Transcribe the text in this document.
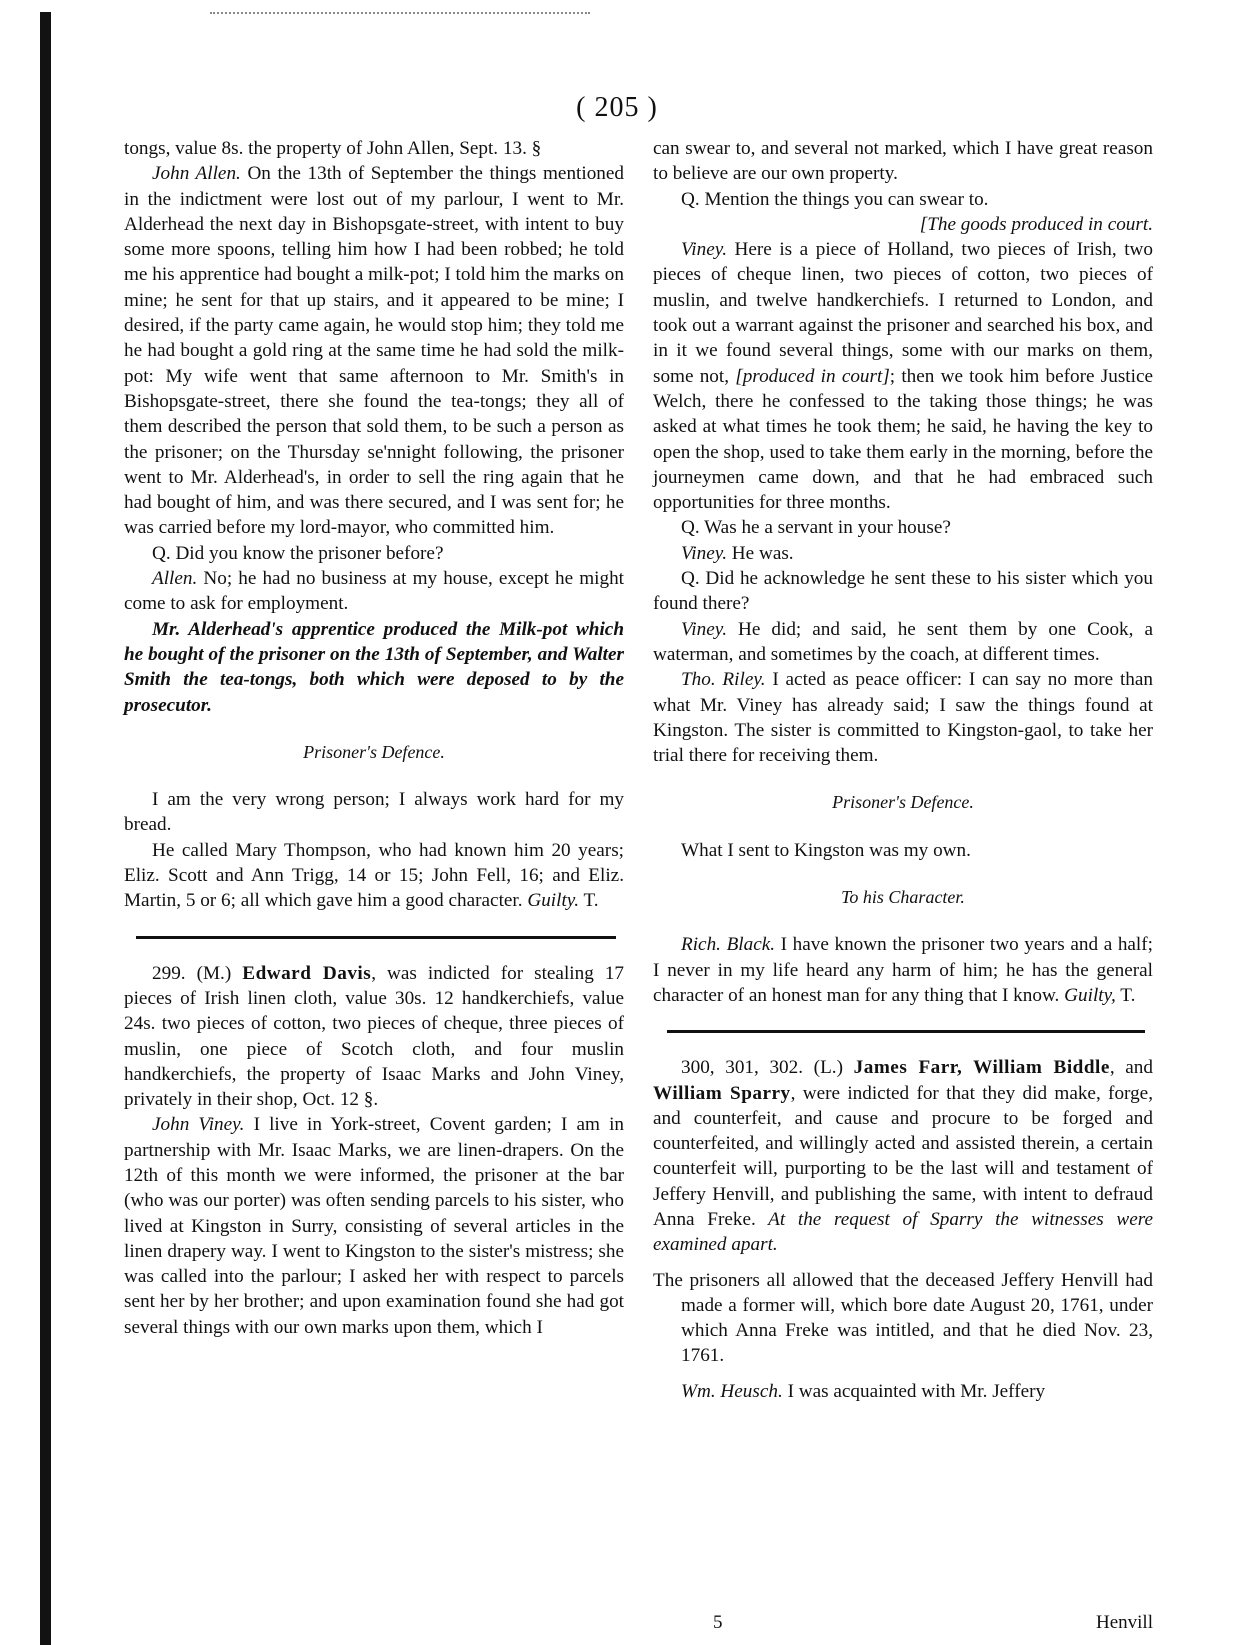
( 205 )

tongs, value 8s. the property of John Allen, Sept. 13. §

John Allen. On the 13th of September the things mentioned in the indictment were lost out of my parlour, I went to Mr. Alderhead the next day in Bishopsgate-street, with intent to buy some more spoons, telling him how I had been robbed; he told me his apprentice had bought a milk-pot; I told him the marks on mine; he sent for that up stairs, and it appeared to be mine; I desired, if the party came again, he would stop him; they told me he had bought a gold ring at the same time he had sold the milk-pot: My wife went that same afternoon to Mr. Smith's in Bishopsgate-street, there she found the tea-tongs; they all of them described the person that sold them, to be such a person as the prisoner; on the Thursday se'nnight following, the prisoner went to Mr. Alderhead's, in order to sell the ring again that he had bought of him, and was there secured, and I was sent for; he was carried before my lord-mayor, who committed him.

Q. Did you know the prisoner before?

Allen. No; he had no business at my house, except he might come to ask for employment.

Mr. Alderhead's apprentice produced the Milk-pot which he bought of the prisoner on the 13th of September, and Walter Smith the tea-tongs, both which were deposed to by the prosecutor.

Prisoner's Defence.

I am the very wrong person; I always work hard for my bread.

He called Mary Thompson, who had known him 20 years; Eliz. Scott and Ann Trigg, 14 or 15; John Fell, 16; and Eliz. Martin, 5 or 6; all which gave him a good character. Guilty. T.

299. (M.) Edward Davis, was indicted for stealing 17 pieces of Irish linen cloth, value 30s. 12 handkerchiefs, value 24s. two pieces of cotton, two pieces of cheque, three pieces of muslin, one piece of Scotch cloth, and four muslin handkerchiefs, the property of Isaac Marks and John Viney, privately in their shop, Oct. 12 §.

John Viney. I live in York-street, Covent garden; I am in partnership with Mr. Isaac Marks, we are linen-drapers. On the 12th of this month we were informed, the prisoner at the bar (who was our porter) was often sending parcels to his sister, who lived at Kingston in Surry, consisting of several articles in the linen drapery way. I went to Kingston to the sister's mistress; she was called into the parlour; I asked her with respect to parcels sent her by her brother; and upon examination found she had got several things with our own marks upon them, which I

can swear to, and several not marked, which I have great reason to believe are our own property.

Q. Mention the things you can swear to.

[The goods produced in court.

Viney. Here is a piece of Holland, two pieces of Irish, two pieces of cheque linen, two pieces of cotton, two pieces of muslin, and twelve handkerchiefs. I returned to London, and took out a warrant against the prisoner and searched his box, and in it we found several things, some with our marks on them, some not, [produced in court]; then we took him before Justice Welch, there he confessed to the taking those things; he was asked at what times he took them; he said, he having the key to open the shop, used to take them early in the morning, before the journeymen came down, and that he had embraced such opportunities for three months.

Q. Was he a servant in your house?

Viney. He was.

Q. Did he acknowledge he sent these to his sister which you found there?

Viney. He did; and said, he sent them by one Cook, a waterman, and sometimes by the coach, at different times.

Tho. Riley. I acted as peace officer: I can say no more than what Mr. Viney has already said; I saw the things found at Kingston. The sister is committed to Kingston-gaol, to take her trial there for receiving them.

Prisoner's Defence.

What I sent to Kingston was my own.

To his Character.

Rich. Black. I have known the prisoner two years and a half; I never in my life heard any harm of him; he has the general character of an honest man for any thing that I know. Guilty, T.

300, 301, 302. (L.) James Farr, William Biddle, and William Sparry, were indicted for that they did make, forge, and counterfeit, and cause and procure to be forged and counterfeited, and willingly acted and assisted therein, a certain counterfeit will, purporting to be the last will and testament of Jeffery Henvill, and publishing the same, with intent to defraud Anna Freke. At the request of Sparry the witnesses were examined apart.

The prisoners all allowed that the deceased Jeffery Henvill had made a former will, which bore date August 20, 1761, under which Anna Freke was intitled, and that he died Nov. 23, 1761.

Wm. Heusch. I was acquainted with Mr. Jeffery

5	Henvill
